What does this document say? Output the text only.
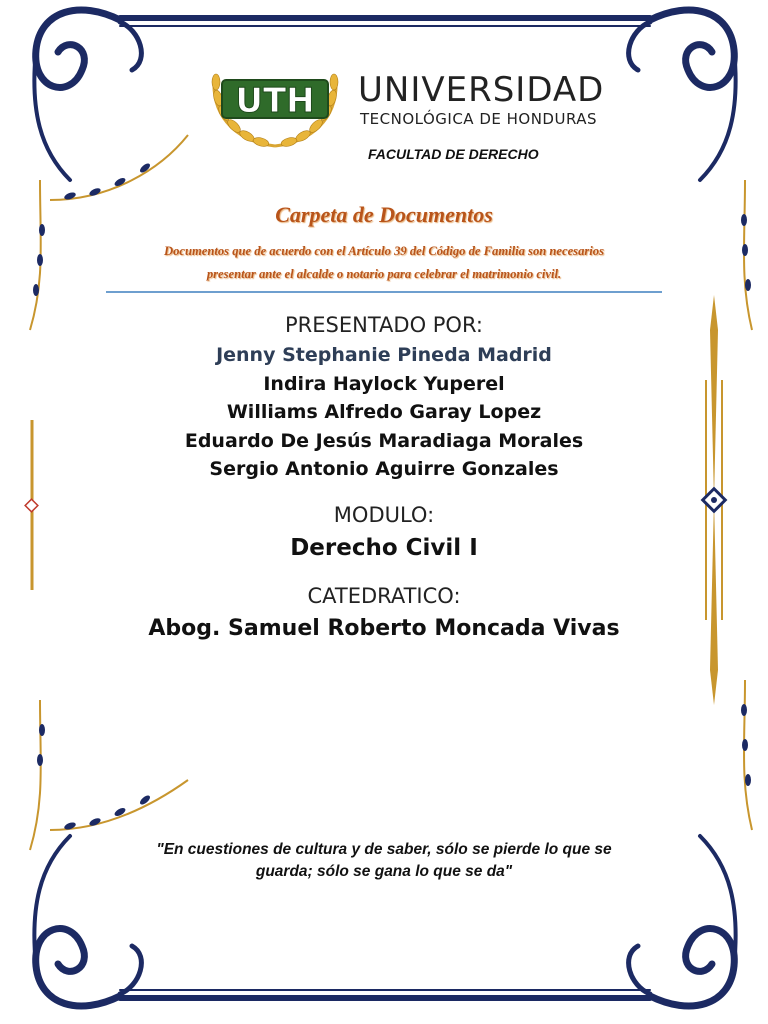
UTH UNIVERSIDAD
TECNOLÓGICA DE HONDURAS
FACULTAD DE DERECHO
Carpeta de Documentos
Documentos que de acuerdo con el Artículo 39 del Código de Familia son necesarios
presentar ante el alcalde o notario para celebrar el matrimonio civil.
PRESENTADO POR:
Jenny Stephanie Pineda Madrid
Indira Haylock Yuperel
Williams Alfredo Garay Lopez
Eduardo De Jesús Maradiaga Morales
Sergio Antonio Aguirre Gonzales
MODULO:
Derecho Civil I
CATEDRATICO:
Abog. Samuel Roberto Moncada Vivas
"En cuestiones de cultura y de saber, sólo se pierde lo que se
guarda; sólo se gana lo que se da"
